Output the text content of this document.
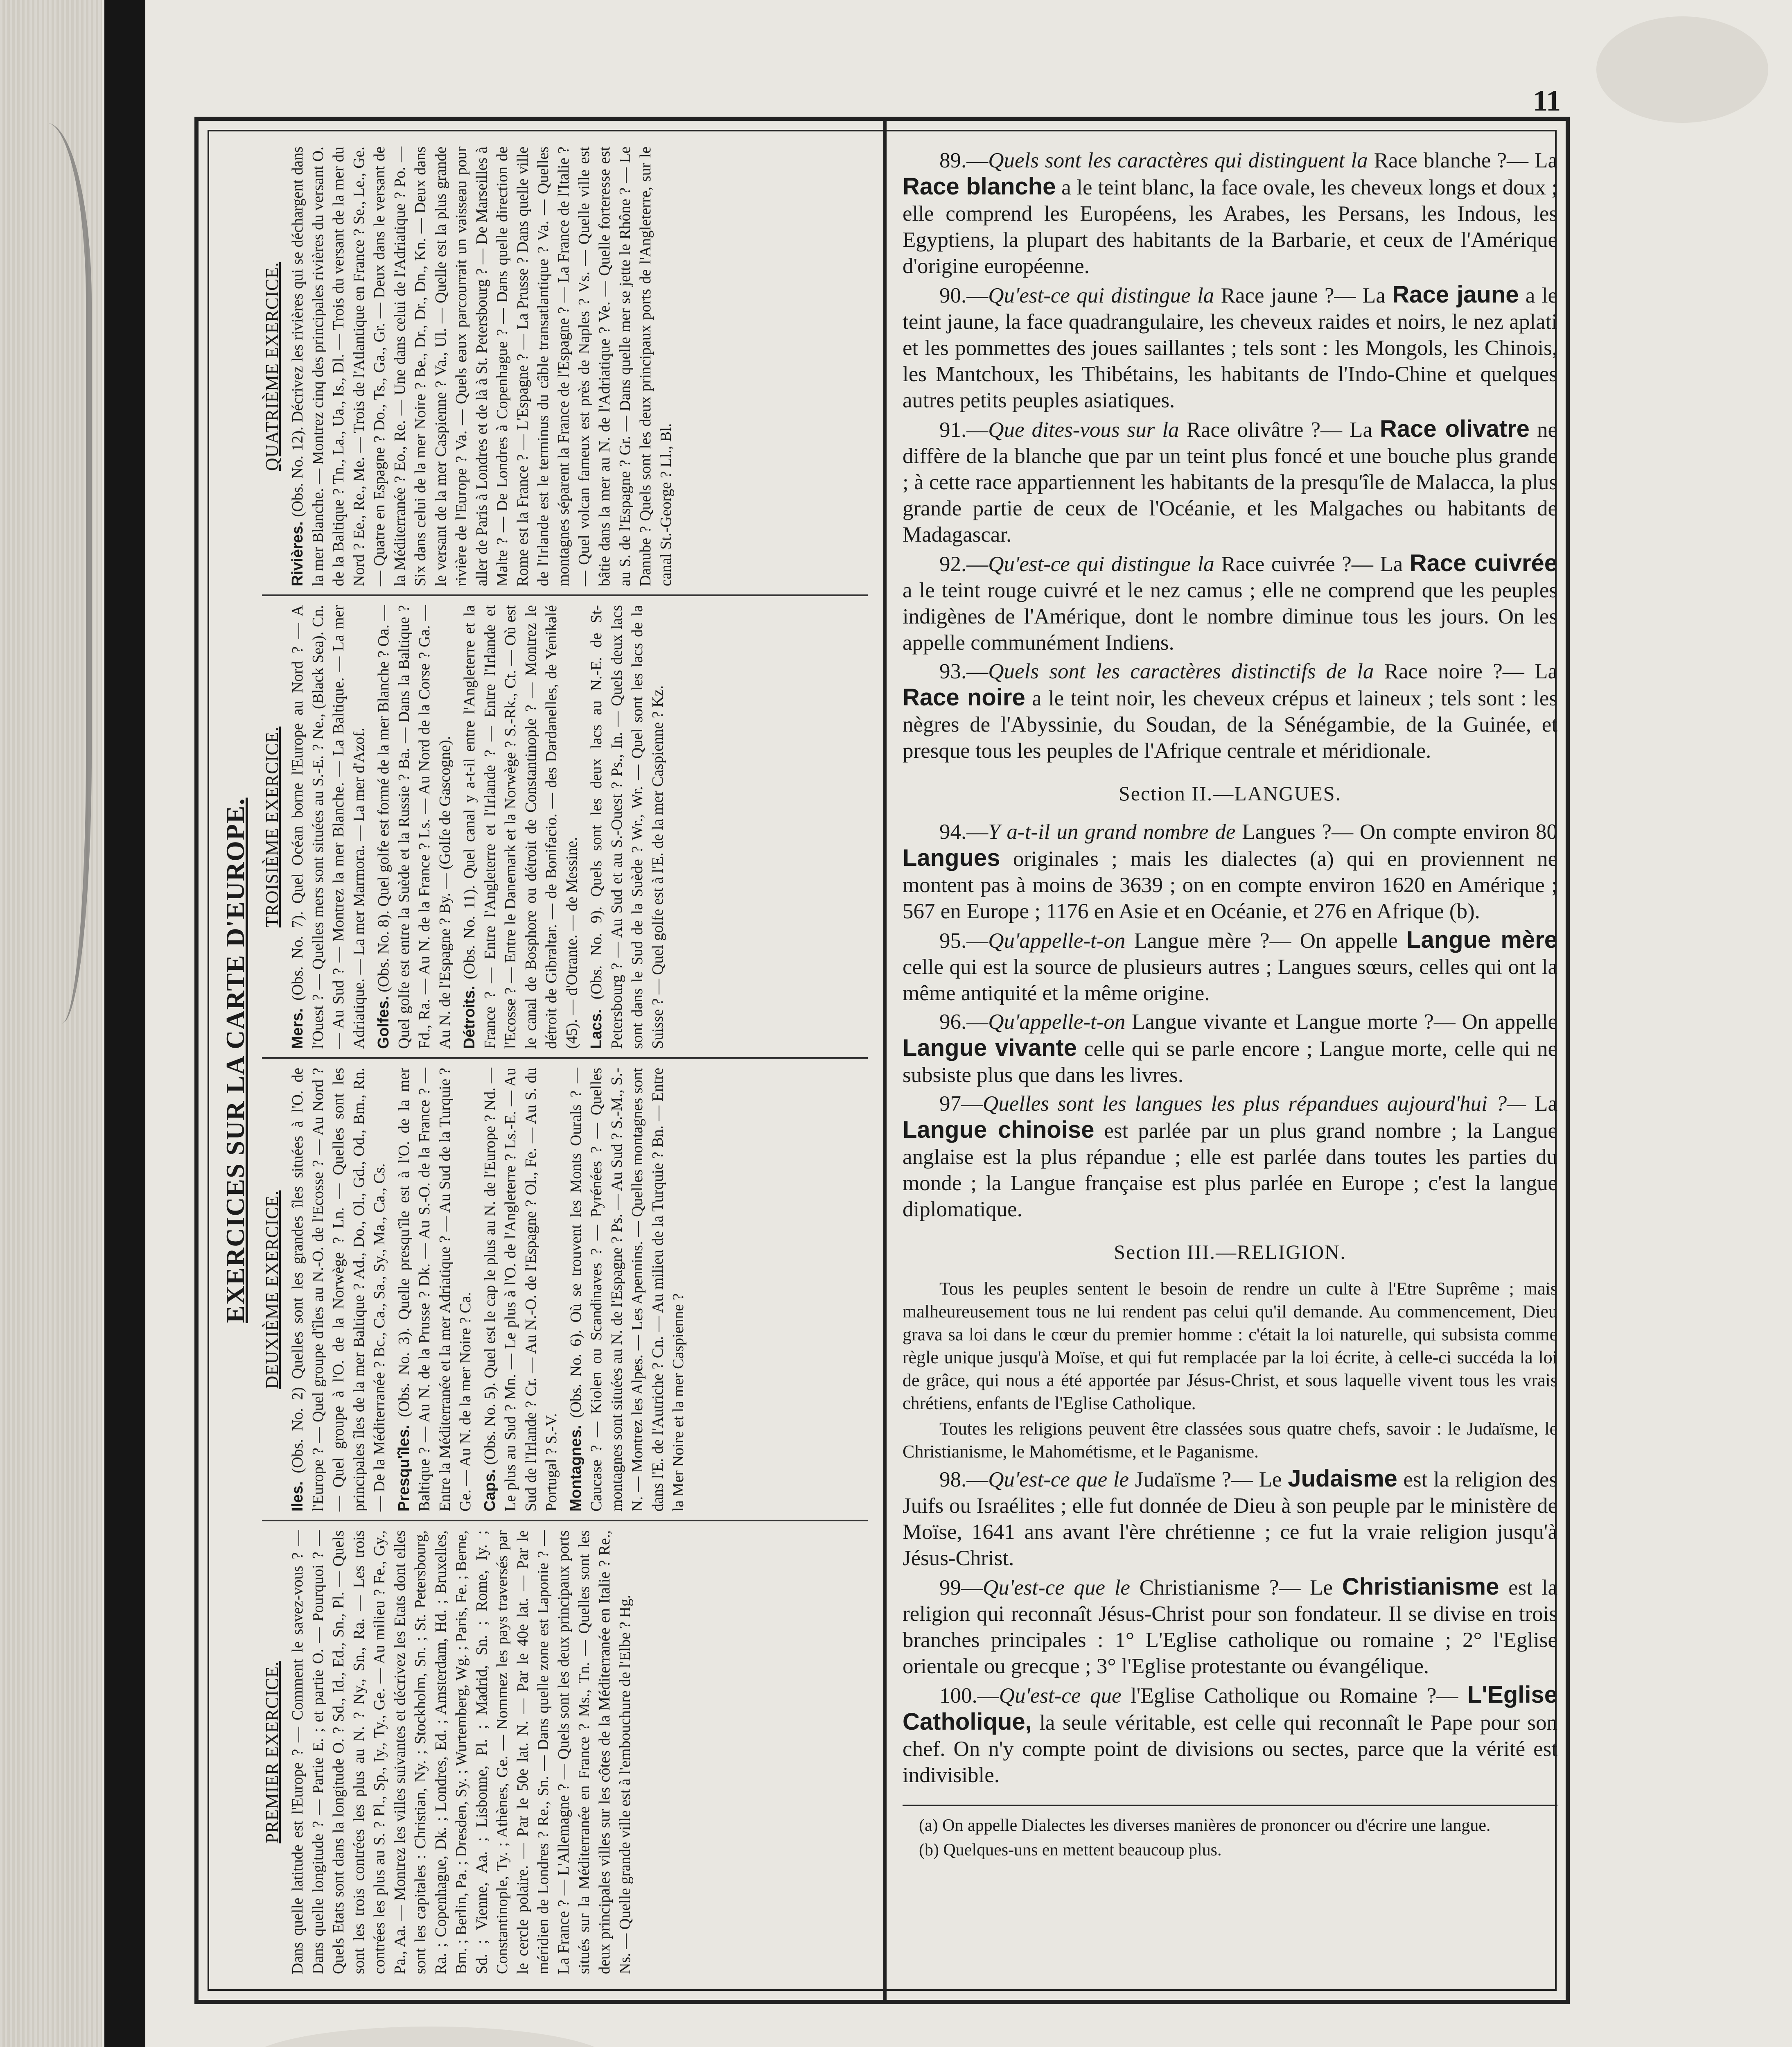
11
EXERCICES SUR LA CARTE D'EUROPE.
PREMIER EXERCICE. Dans quelle latitude est l'Europe ? — Comment le savez-vous ? — Dans quelle longitude ? — Partie E. ; et partie O. — Pourquoi ? — Quels Etats sont dans la longitude O. ? Sd., Id., Ed., Sn., Pl. — Quels sont les trois contrées les plus au N. ? Ny., Sn., Ra. — Les trois contrées les plus au S. ? Pl., Sp., Iy., Ty., Ge. — Au milieu ? Fe., Gy., Pa., Aa. — Montrez les villes suivantes et décrivez les Etats dont elles sont les capitales : Christian, Ny. ; Stockholm, Sn. ; St. Petersbourg, Ra. ; Copenhague, Dk. ; Londres, Ed. ; Amsterdam, Hd. ; Bruxelles, Bm. ; Berlin, Pa. ; Dresden, Sy. ; Wurtemberg, Wg. ; Paris, Fe. ; Berne, Sd. ; Vienne, Aa. ; Lisbonne, Pl. ; Madrid, Sn. ; Rome, Iy. ; Constantinople, Ty. ; Athènes, Ge. — Nommez les pays traversés par le cercle polaire. — Par le 50e lat. N. — Par le 40e lat. — Par le méridien de Londres ? Re., Sn. — Dans quelle zone est Laponie ? — La France ? — L'Allemagne ? — Quels sont les deux principaux ports situés sur la Méditerranée en France ? Ms., Tn. — Quelles sont les deux principales villes sur les côtes de la Méditerranée en Italie ? Re., Ns. — Quelle grande ville est à l'embouchure de l'Elbe ? Hg.

DEUXIÈME EXERCICE.

Iles. (Obs. No. 2) Quelles sont les grandes îles situées à l'O. de l'Europe ? — Quel groupe d'îles au N.-O. de l'Ecosse ? — Au Nord ? — Quel groupe à l'O. de la Norwège ? Ln. — Quelles sont les principales îles de la mer Baltique ? Ad., Do., Ol., Gd., Od., Bm., Rn. — De la Méditerranée ? Bc., Ca., Sa., Sy., Ma., Ca., Cs. Presqu'îles. (Obs. No. 3). Quelle presqu'île est à l'O. de la mer Baltique ? — Au N. de la Prusse ? Dk. — Au S.-O. de la France ? — Entre la Méditerranée et la mer Adriatique ? — Au Sud de la Turquie ? Ge. — Au N. de la mer Noire ? Ca. Caps. (Obs. No. 5). Quel est le cap le plus au N. de l'Europe ? Nd. — Le plus au Sud ? Mn. — Le plus à l'O. de l'Angleterre ? Ls.-E. — Au Sud de l'Irlande ? Cr. — Au N.-O. de l'Espagne ? Ol., Fe. — Au S. du Portugal ? S.-V. Montagnes. (Obs. No. 6). Où se trouvent les Monts Ourals ? — Caucase ? — Kiolen ou Scandinaves ? — Pyrénées ? — Quelles montagnes sont situées au N. de l'Espagne ? Ps. — Au Sud ? S.-M., S.-N. — Montrez les Alpes. — Les Apennins. — Quelles montagnes sont dans l'E. de l'Autriche ? Cn. — Au milieu de la Turquie ? Bn. — Entre la Mer Noire et la mer Caspienne ?

TROISIÈME EXERCICE.

Mers. (Obs. No. 7). Quel Océan borne l'Europe au Nord ? — A l'Ouest ? — Quelles mers sont situées au S.-E. ? Ne., (Black Sea). Cn. — Au Sud ? — Montrez la mer Blanche. — La Baltique. — La mer Adriatique. — La mer Marmora. — La mer d'Azof. Golfes. (Obs. No. 8). Quel golfe est formé de la mer Blanche ? Oa. — Quel golfe est entre la Suède et la Russie ? Ba. — Dans la Baltique ? Fd., Ra. — Au N. de la France ? Ls. — Au Nord de la Corse ? Ga. — Au N. de l'Espagne ? By. — (Golfe de Gascogne). Détroits. (Obs. No. 11). Quel canal y a-t-il entre l'Angleterre et la France ? — Entre l'Angleterre et l'Irlande ? — Entre l'Irlande et l'Ecosse ? — Entre le Danemark et la Norwège ? S.-Rk., Ct. — Où est le canal de Bosphore ou détroit de Constantinople ? — Montrez le détroit de Gibraltar. — de Bonifacio. — des Dardanelles, de Yenikalé (45). — d'Otrante. — de Messine. Lacs. (Obs. No. 9). Quels sont les deux lacs au N.-E. de St-Petersbourg ? — Au Sud et au S.-Ouest ? Ps., In. — Quels deux lacs sont dans le Sud de la Suède ? Wr., Wr. — Quel sont les lacs de la Suisse ? — Quel golfe est à l'E. de la mer Caspienne ? Kz.

QUATRIÈME EXERCICE.

Rivières. (Obs. No. 12). Décrivez les rivières qui se déchargent dans la mer Blanche. — Montrez cinq des principales rivières du versant O. de la Baltique ? Tn., La., Ua., Is., Dl. — Trois du versant de la mer du Nord ? Ee., Re., Me. — Trois de l'Atlantique en France ? Se., Le., Ge. — Quatre en Espagne ? Do., Ts., Ga., Gr. — Deux dans le versant de la Méditerranée ? Eo., Re. — Une dans celui de l'Adriatique ? Po. — Six dans celui de la mer Noire ? Be., Dr., Dr., Dn., Kn. — Deux dans le versant de la mer Caspienne ? Va., Ul. — Quelle est la plus grande rivière de l'Europe ? Va. — Quels eaux parcourrait un vaisseau pour aller de Paris à Londres et de là à St. Petersbourg ? — De Marseilles à Malte ? — De Londres à Copenhague ? — Dans quelle direction de Rome est la France ? — L'Espagne ? — La Prusse ? Dans quelle ville de l'Irlande est le terminus du câble transatlantique ? Va. — Quelles montagnes séparent la France de l'Espagne ? — La France de l'Italie ? — Quel volcan fameux est près de Naples ? Vs. — Quelle ville est bâtie dans la mer au N. de l'Adriatique ? Ve. — Quelle forteresse est au S. de l'Espagne ? Gr. — Dans quelle mer se jette le Rhône ? — Le Danube ? Quels sont les deux principaux ports de l'Angleterre, sur le canal St.-George ? Ll., Bl.

89.—Quels sont les caractères qui distinguent la Race blanche ?— La Race blanche a le teint blanc, la face ovale, les cheveux longs et doux ; elle comprend les Européens, les Arabes, les Persans, les Indous, les Egyptiens, la plupart des habitants de la Barbarie, et ceux de l'Amérique d'origine européenne.

90.—Qu'est-ce qui distingue la Race jaune ?— La Race jaune a le teint jaune, la face quadrangulaire, les cheveux raides et noirs, le nez aplati et les pommettes des joues saillantes ; tels sont : les Mongols, les Chinois, les Mantchoux, les Thibétains, les habitants de l'Indo-Chine et quelques autres petits peuples asiatiques.

91.—Que dites-vous sur la Race olivâtre ?— La Race olivatre ne diffère de la blanche que par un teint plus foncé et une bouche plus grande ; à cette race appartiennent les habitants de la presqu'île de Malacca, la plus grande partie de ceux de l'Océanie, et les Malgaches ou habitants de Madagascar.

92.—Qu'est-ce qui distingue la Race cuivrée ?— La Race cuivrée a le teint rouge cuivré et le nez camus ; elle ne comprend que les peuples indigènes de l'Amérique, dont le nombre diminue tous les jours. On les appelle communément Indiens.

93.—Quels sont les caractères distinctifs de la Race noire ?— La Race noire a le teint noir, les cheveux crépus et laineux ; tels sont : les nègres de l'Abyssinie, du Soudan, de la Sénégambie, de la Guinée, et presque tous les peuples de l'Afrique centrale et méridionale.

Section II.—LANGUES.

94.—Y a-t-il un grand nombre de Langues ?— On compte environ 80 Langues originales ; mais les dialectes (a) qui en proviennent ne montent pas à moins de 3639 ; on en compte environ 1620 en Amérique ; 567 en Europe ; 1176 en Asie et en Océanie, et 276 en Afrique (b).

95.—Qu'appelle-t-on Langue mère ?— On appelle Langue mère celle qui est la source de plusieurs autres ; Langues sœurs, celles qui ont la même antiquité et la même origine.

96.—Qu'appelle-t-on Langue vivante et Langue morte ?— On appelle Langue vivante celle qui se parle encore ; Langue morte, celle qui ne subsiste plus que dans les livres.

97—Quelles sont les langues les plus répandues aujourd'hui ?— La Langue chinoise est parlée par un plus grand nombre ; la Langue anglaise est la plus répandue ; elle est parlée dans toutes les parties du monde ; la Langue française est plus parlée en Europe ; c'est la langue diplomatique.

Section III.—RELIGION.

Tous les peuples sentent le besoin de rendre un culte à l'Etre Suprême ; mais malheureusement tous ne lui rendent pas celui qu'il demande. Au commencement, Dieu grava sa loi dans le cœur du premier homme : c'était la loi naturelle, qui subsista comme règle unique jusqu'à Moïse, et qui fut remplacée par la loi écrite, à celle-ci succéda la loi de grâce, qui nous a été apportée par Jésus-Christ, et sous laquelle vivent tous les vrais chrétiens, enfants de l'Eglise Catholique.

Toutes les religions peuvent être classées sous quatre chefs, savoir : le Judaïsme, le Christianisme, le Mahométisme, et le Paganisme.

98.—Qu'est-ce que le Judaïsme ?— Le Judaisme est la religion des Juifs ou Israélites ; elle fut donnée de Dieu à son peuple par le ministère de Moïse, 1641 ans avant l'ère chrétienne ; ce fut la vraie religion jusqu'à Jésus-Christ.

99—Qu'est-ce que le Christianisme ?— Le Christianisme est la religion qui reconnaît Jésus-Christ pour son fondateur. Il se divise en trois branches principales : 1° L'Eglise catholique ou romaine ; 2° l'Eglise orientale ou grecque ; 3° l'Eglise protestante ou évangélique.

100.—Qu'est-ce que l'Eglise Catholique ou Romaine ?— L'Eglise Catholique, la seule véritable, est celle qui reconnaît le Pape pour son chef. On n'y compte point de divisions ou sectes, parce que la vérité est indivisible.

(a) On appelle Dialectes les diverses manières de prononcer ou d'écrire une langue.

(b) Quelques-uns en mettent beaucoup plus.
